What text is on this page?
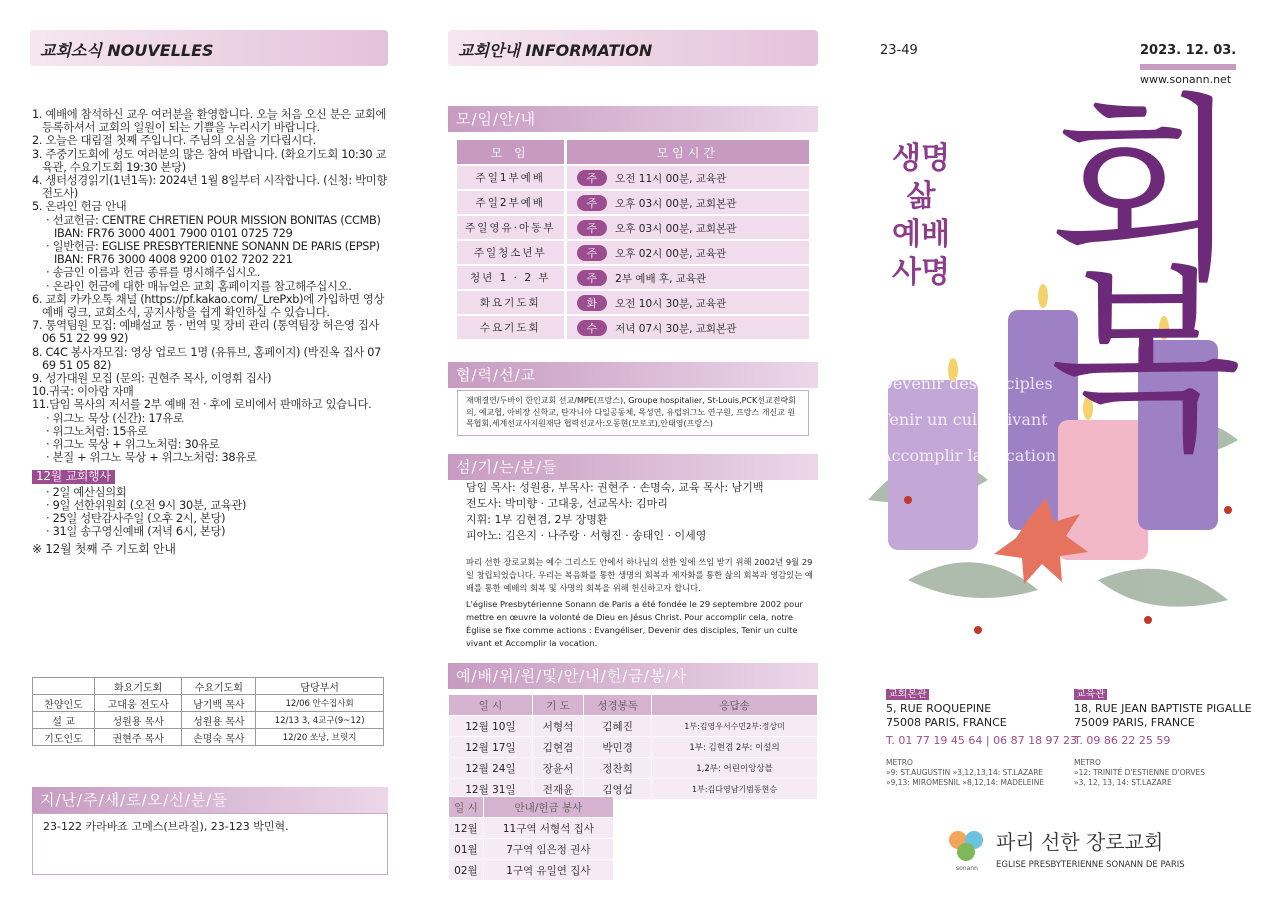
교회소식 NOUVELLES
1. 예배에 참석하신 교우 여러분을 환영합니다. 오늘 처음 오신 분은 교회에 등록하셔서 교회의 일원이 되는 기쁨을 누리시기 바랍니다.
2. 오늘은 대림절 첫째 주입니다. 주님의 오심을 기다립시다.
3. 주중기도회에 성도 여러분의 많은 참여 바랍니다. (화요기도회 10:30 교육관, 수요기도회 19:30 본당)
4. 생터성경읽기(1년1독): 2024년 1월 8일부터 시작합니다. (신청: 박미향 전도사)
5. 온라인 헌금 안내
· 선교헌금: CENTRE CHRETIEN POUR MISSION BONITAS (CCMB) IBAN: FR76 3000 4001 7900 0101 0725 729
· 일반헌금: EGLISE PRESBYTERIENNE SONANN DE PARIS (EPSP) IBAN: FR76 3000 4008 9200 0102 7202 221
· 송금인 이름과 헌금 종류를 명시해주십시오.
· 온라인 헌금에 대한 매뉴얼은 교회 홈페이지를 참고해주십시오.
6. 교회 카카오톡 채널 (https://pf.kakao.com/_LrePxb)에 가입하면 영상예배 링크, 교회소식, 공지사항을 쉽게 확인하실 수 있습니다.
7. 통역팀원 모집: 예배설교 통 · 번역 및 장비 관리 (통역팀장 허은영 집사 06 51 22 99 92)
8. C4C 봉사자모집: 영상 업로드 1명 (유튜브, 홈페이지) (박진옥 집사 07 69 51 05 82)
9. 성가대원 모집 (문의: 권현주 목사, 이영휘 집사)
10.귀국: 이아람 자매
11.담임 목사의 저서를 2부 예배 전 · 후에 로비에서 판매하고 있습니다.
· 위그노 묵상 (신간): 17유로
· 위그노처럼: 15유로
· 위그노 묵상 + 위그노처럼: 30유로
· 본질 + 위그노 묵상 + 위그노처럼: 38유로
12월 교회행사
· 2일 예산심의회
· 9일 선한위원회 (오전 9시 30분, 교육관)
· 25일 성탄감사주일 (오후 2시, 본당)
· 31일 송구영신예배 (저녁 6시, 본당)
※ 12월 첫째 주 기도회 안내
	화요기도회	수요기도회	담당부서
찬양인도	고대웅 전도사	남기백 목사	12/06 안수집사회
설 교	성원용 목사	성원용 목사	12/13 3, 4교구(9~12)
기도인도	권현주 목사	손명숙 목사	12/20 쏘낭, 브릿지
지/난/주/새/로/오/신/분/들
23-122 카라바죠 고메스(브라질), 23-123 박민혁.
교회안내 INFORMATION
모/임/안/내
모 임	모임시간
주일1부예배	주 오전 11시 00분, 교육관
주일2부예배	주 오후 03시 00분, 교회본관
주일영유·아동부	주 오후 03시 00분, 교회본관
주일청소년부	주 오후 02시 00분, 교육관
청년 1 · 2 부	주 2부 예배 후, 교육관
화요기도회	화 오전 10시 30분, 교육관
수요기도회	수 저녁 07시 30분, 교회본관
협/력/선/교
재매결연/두바이 한인교회 선교/MPE(프랑스), Groupe hospitalier, St-Louis,PCK선교전략회의, 예교협, 아비장 신학교, 탄자니아 다일공동체, 목성연, 유럽위그노 연구원, 프랑스 개신교 원목협회,세계선교사지원재단 협력선교사:오동현(모로코),안태영(프랑스)
섬/기/는/분/들
담임 목사: 성원용, 부목사: 권현주 · 손명숙, 교육 목사: 남기백
전도사: 박미향 · 고대웅, 선교목사: 김마리
지휘: 1부 김현겸, 2부 장명환
피아노: 김은지 · 나주랑 · 서형진 · 송태인 · 이세영
파리 선한 장로교회는 예수 그리스도 안에서 하나님의 선한 일에 쓰임 받기 위해 2002년 9월 29일 창립되었습니다. 우리는 복음화를 통한 생명의 회복과 제자화를 통한 삶의 회복과 영감있는 예배를 통한 예배의 회복 및 사명의 회복을 위해 헌신하고자 합니다.
L'église Presbytérienne Sonann de Paris a été fondée le 29 septembre 2002 pour mettre en œuvre la volonté de Dieu en Jésus Christ. Pour accomplir cela, notre Église se fixe comme actions : Evangéliser, Devenir des disciples, Tenir un culte vivant et Accomplir la vocation.
예/배/위/원/및/안/내/헌/금/봉/사
일 시	기 도	성경봉독	응답송
12월 10일	서형석	김혜진	1부:김영우서수민2부:정상미
12월 17일	김현겸	박민경	1부: 김현겸 2부: 이설의
12월 24일	장윤서	정찬희	1,2부: 어린이앙상블
12월 31일	전재윤	김영섭	1부:김다영남기범동현승
일 시	안내/헌금 봉사
12월	11구역 서형석 집사
01월	7구역 임은정 권사
02월	1구역 유일연 집사
23-49	2023. 12. 03.
www.sonann.net
생명
삶
예배
사명 회복
Evangéliser
Devenir des disciples
Tenir un culte vivant
Accomplir la vocation
교회본관
5, RUE ROQUEPINE
75008 PARIS, FRANCE
T. 01 77 19 45 64 | 06 87 18 97 23
METRO
»9: ST.AUGUSTIN »3,12,13,14: ST.LAZARE
»9,13: MIROMESNIL »8,12,14: MADELEINE
교육관
18, RUE JEAN BAPTISTE PIGALLE
75009 PARIS, FRANCE
T. 09 86 22 25 59
METRO
»12: TRINITÉ D'ESTIENNE D'ORVES
»3, 12, 13, 14: ST.LAZARE
sonann
파리 선한 장로교회
EGLISE PRESBYTERIENNE SONANN DE PARIS
